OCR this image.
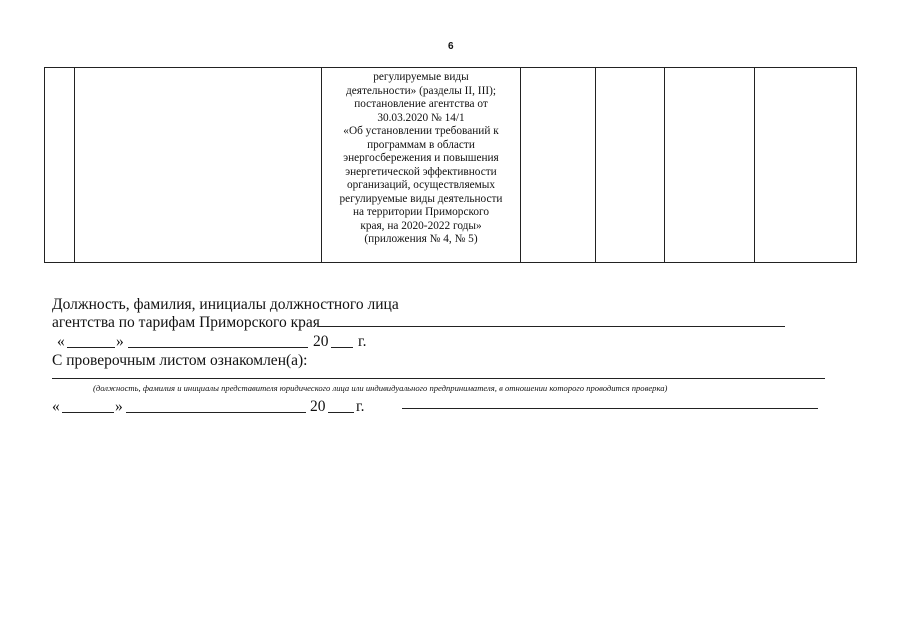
6

регулируемые виды
деятельности» (разделы II, III);
постановление агентства от
30.03.2020 № 14/1
«Об установлении требований к
программам в области
энергосбережения и повышения
энергетической эффективности
организаций, осуществляемых
регулируемые виды деятельности
на территории Приморского
края, на 2020-2022 годы»
(приложения № 4, № 5)

Должность, фамилия, инициалы должностного лица
агентства по тарифам Приморского края
«	»	20 г.
С проверочным листом ознакомлен(а):
(должность, фамилия и инициалы представителя юридического лица или индивидуального предпринимателя, в отношении которого проводится проверка)
«	»	20 г.
